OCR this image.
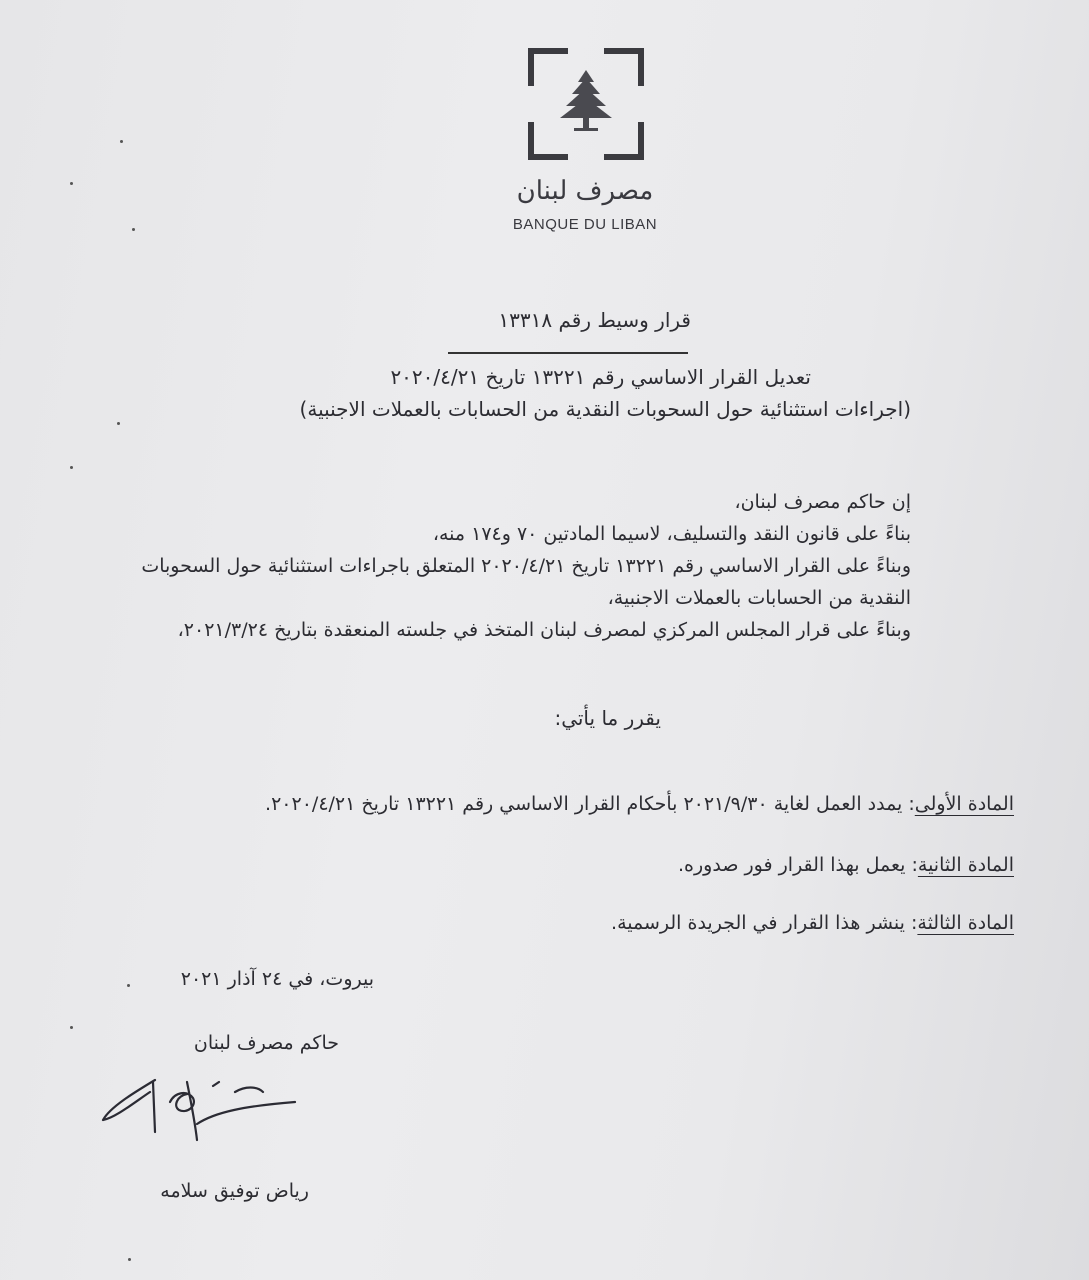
مصرف لبنان
BANQUE DU LIBAN
قرار وسيط رقم ١٣٣١٨
تعديل القرار الاساسي رقم ١٣٢٢١ تاريخ ٢٠٢٠/٤/٢١
(اجراءات استثنائية حول السحوبات النقدية من الحسابات بالعملات الاجنبية)
إن حاكم مصرف لبنان،
بناءً على قانون النقد والتسليف، لاسيما المادتين ٧٠ و١٧٤ منه،
وبناءً على القرار الاساسي رقم ١٣٢٢١ تاريخ ٢٠٢٠/٤/٢١ المتعلق باجراءات استثنائية حول السحوبات
النقدية من الحسابات بالعملات الاجنبية،
وبناءً على قرار المجلس المركزي لمصرف لبنان المتخذ في جلسته المنعقدة بتاريخ ٢٠٢١/٣/٢٤،
يقرر ما يأتي:
المادة الأولى: يمدد العمل لغاية ٢٠٢١/٩/٣٠ بأحكام القرار الاساسي رقم ١٣٢٢١ تاريخ ٢٠٢٠/٤/٢١.
المادة الثانية: يعمل بهذا القرار فور صدوره.
المادة الثالثة: ينشر هذا القرار في الجريدة الرسمية.
بيروت، في ٢٤ آذار ٢٠٢١
حاكم مصرف لبنان
رياض توفيق سلامه
